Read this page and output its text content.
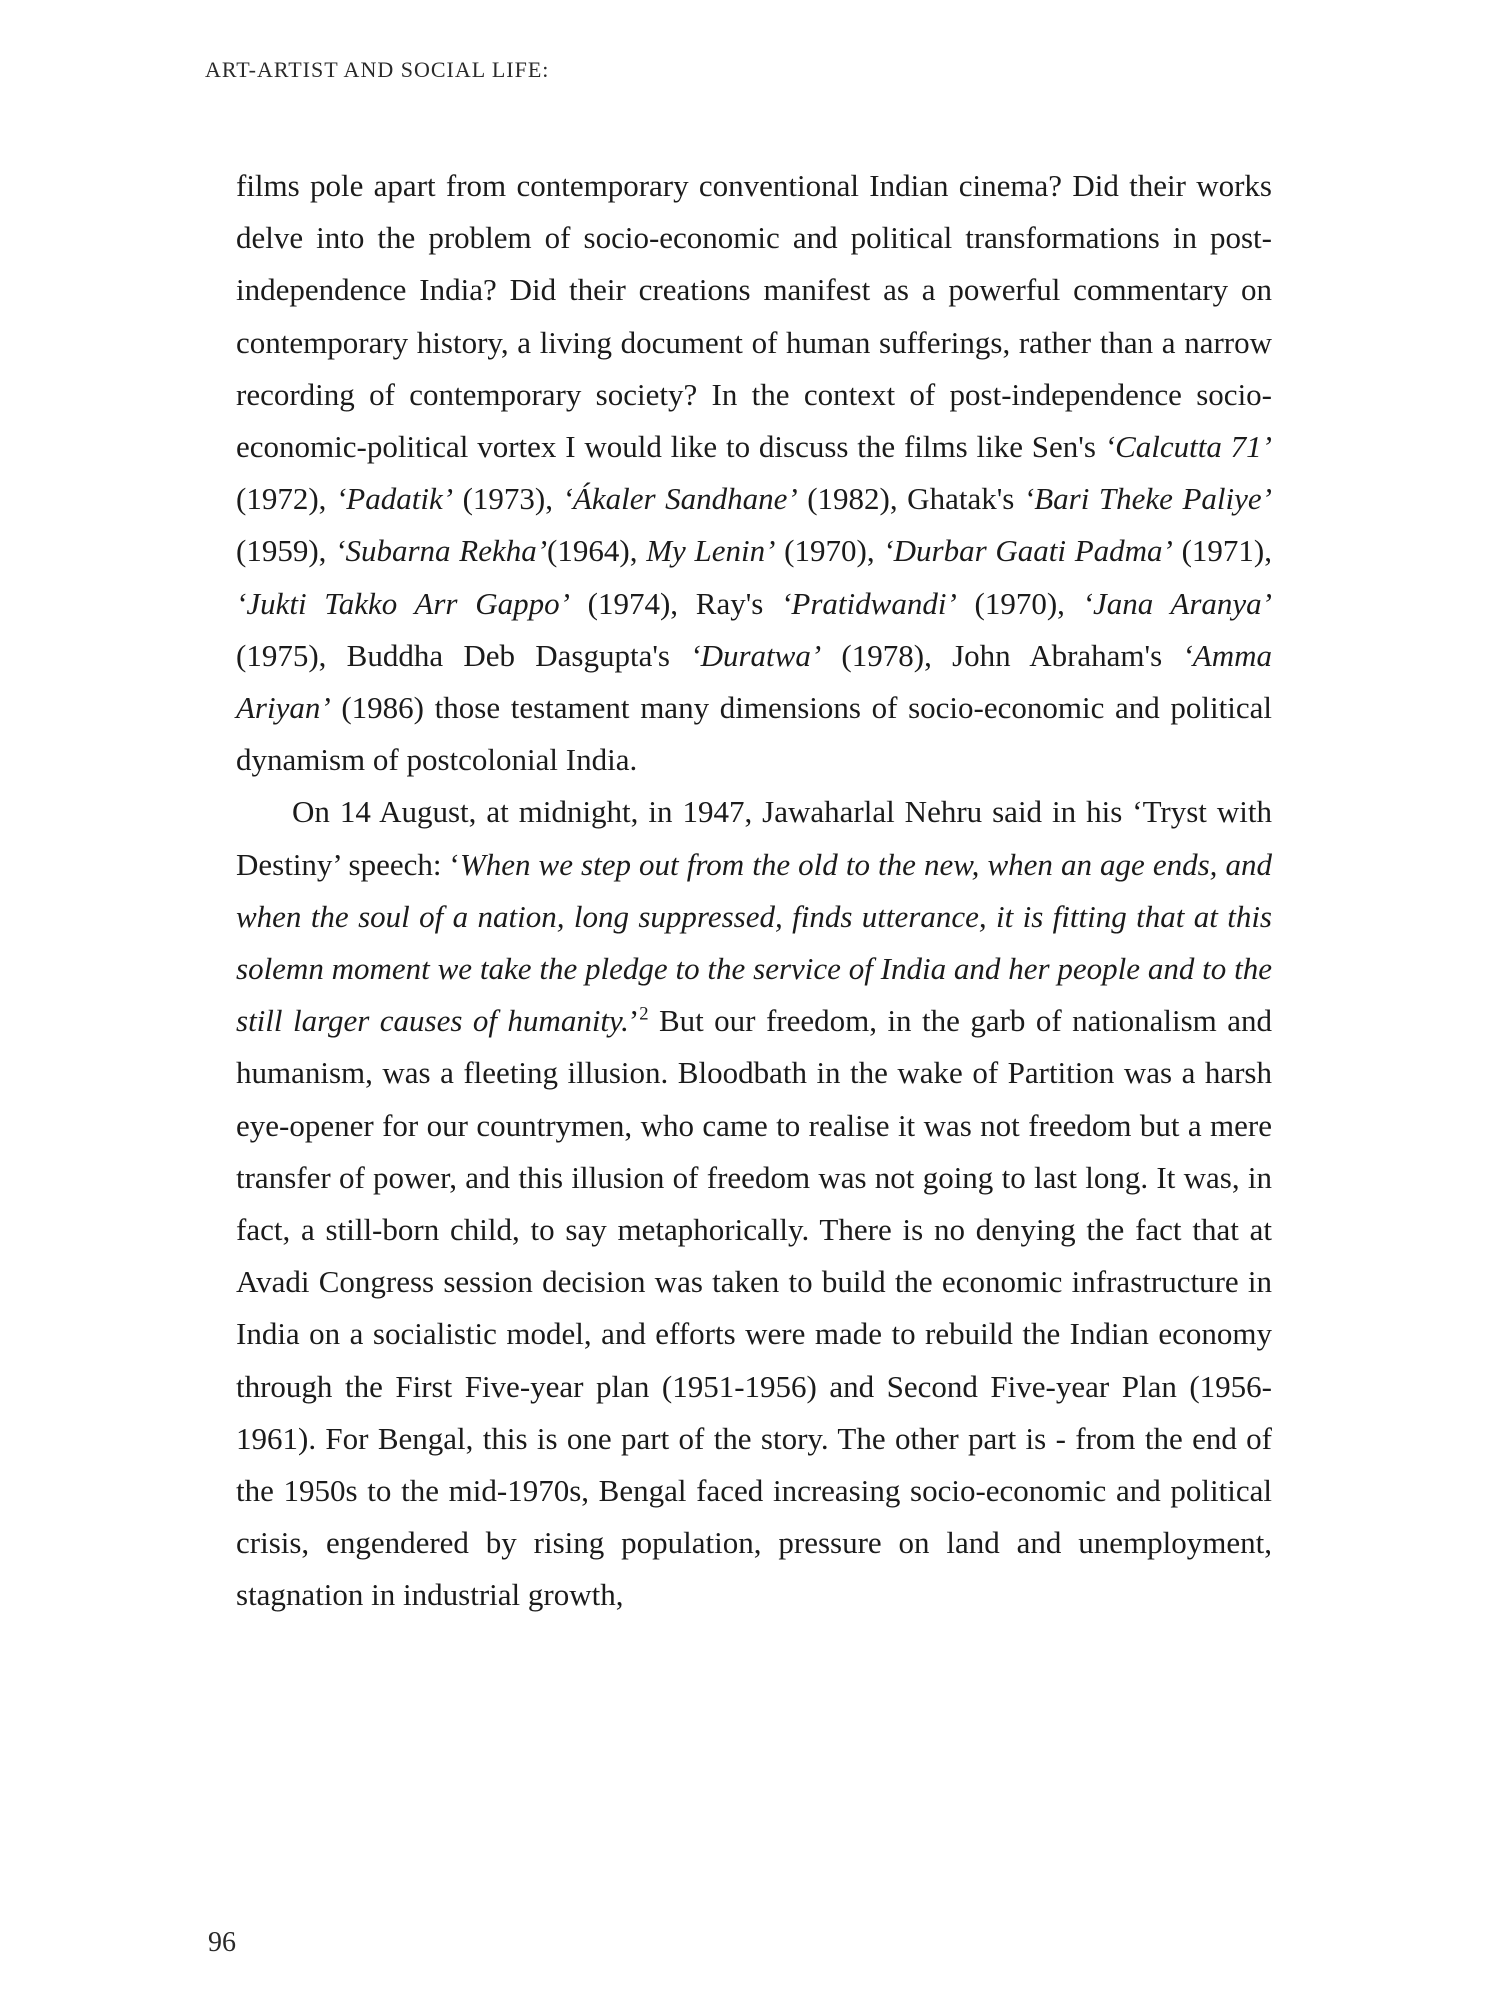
ART-ARTIST AND SOCIAL LIFE:

films pole apart from contemporary conventional Indian cinema? Did their works delve into the problem of socio-economic and political transformations in post-independence India? Did their creations manifest as a powerful commentary on contemporary history, a living document of human sufferings, rather than a narrow recording of contemporary society? In the context of post-independence socio-economic-political vortex I would like to discuss the films like Sen's ‘Calcutta 71’ (1972), ‘Padatik’ (1973), ‘Ákaler Sandhane’ (1982), Ghatak's ‘Bari Theke Paliye’ (1959), ‘Subarna Rekha’(1964), My Lenin’ (1970), ‘Durbar Gaati Padma’ (1971), ‘Jukti Takko Arr Gappo’ (1974), Ray's ‘Pratidwandi’ (1970), ‘Jana Aranya’ (1975), Buddha Deb Dasgupta's ‘Duratwa’ (1978), John Abraham's ‘Amma Ariyan’ (1986) those testament many dimensions of socio-economic and political dynamism of postcolonial India.

On 14 August, at midnight, in 1947, Jawaharlal Nehru said in his ‘Tryst with Destiny’ speech: ‘When we step out from the old to the new, when an age ends, and when the soul of a nation, long suppressed, finds utterance, it is fitting that at this solemn moment we take the pledge to the service of India and her people and to the still larger causes of humanity.’$^2$ But our freedom, in the garb of nationalism and humanism, was a fleeting illusion. Bloodbath in the wake of Partition was a harsh eye-opener for our countrymen, who came to realise it was not freedom but a mere transfer of power, and this illusion of freedom was not going to last long. It was, in fact, a still-born child, to say metaphorically. There is no denying the fact that at Avadi Congress session decision was taken to build the economic infrastructure in India on a socialistic model, and efforts were made to rebuild the Indian economy through the First Five-year plan (1951-1956) and Second Five-year Plan (1956-1961). For Bengal, this is one part of the story. The other part is - from the end of the 1950s to the mid-1970s, Bengal faced increasing socio-economic and political crisis, engendered by rising population, pressure on land and unemployment, stagnation in industrial growth,

96
